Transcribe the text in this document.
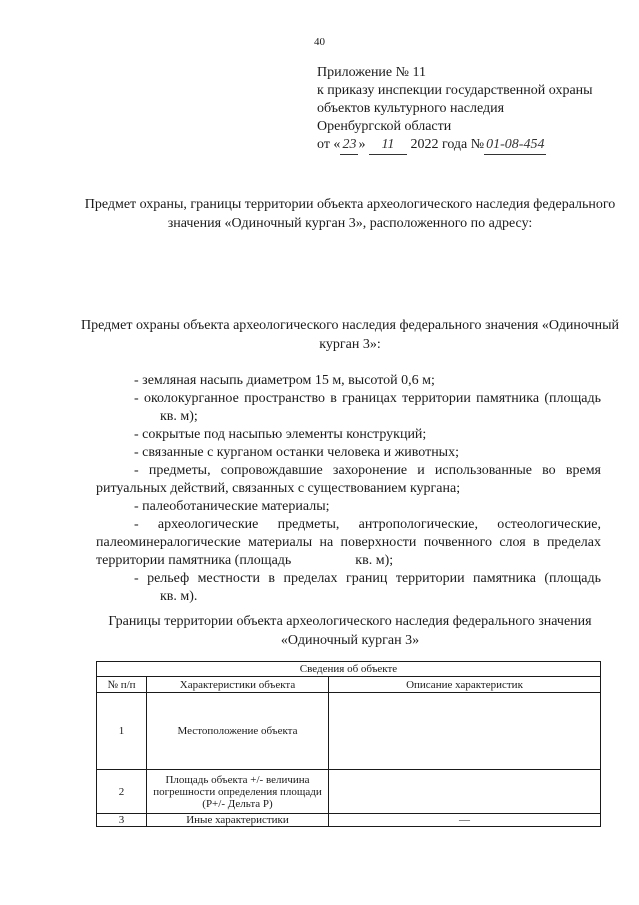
40
Приложение № 11
к приказу инспекции государственной охраны
объектов культурного наследия
Оренбургской области
от « 23 » 11 2022 года № 01-08-454
Предмет охраны, границы территории объекта археологического наследия федерального значения «Одиночный курган 3», расположенного по адресу:
Предмет охраны объекта археологического наследия федерального значения «Одиночный курган 3»:

- земляная насыпь диаметром 15 м, высотой 0,6 м;

- околокурганное пространство в границах территории памятника (площадькв. м);

- сокрытые под насыпью элементы конструкций;

- связанные с курганом останки человека и животных;

- предметы, сопровождавшие захоронение и использованные во время ритуальных действий, связанных с существованием кургана;

- палеоботанические материалы;

- археологические предметы, антропологические, остеологические, палеоминералогические материалы на поверхности почвенного слоя в пределах территории памятника (площадь	кв. м);

- рельеф местности в пределах границ территории памятника (площадькв. м).

Границы территории объекта археологического наследия федерального значения «Одиночный курган 3»
Сведения об объекте		
№ п/п	Характеристики объекта	Описание характеристик
1	Местоположение объекта	
2	Площадь объекта +/- величина погрешности определения площади (P+/- Дельта P)	
3	Иные характеристики	—
